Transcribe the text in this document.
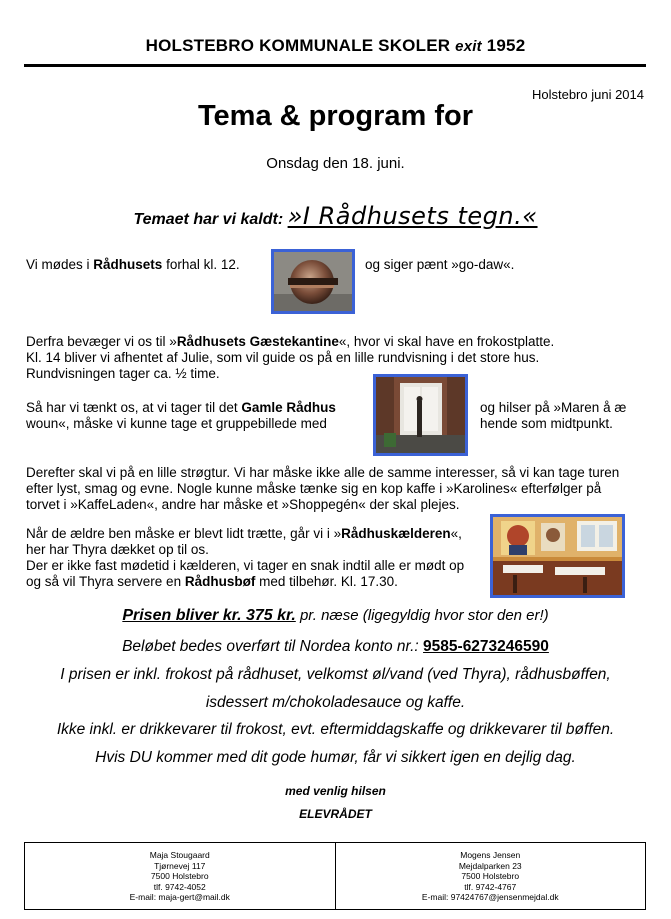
HOLSTEBRO KOMMUNALE SKOLER exit 1952
Holstebro juni 2014
Tema & program for
Onsdag den 18. juni.
Temaet har vi kaldt: »I Rådhusets tegn.«
Vi mødes i Rådhusets forhal kl. 12.	og siger pænt »go-daw«.
Derfra bevæger vi os til »Rådhusets Gæstekantine«, hvor vi skal have en frokostplatte.
Kl. 14 bliver vi afhentet af Julie, som vil guide os på en lille rundvisning i det store hus.
Rundvisningen tager ca. ½ time.
Så har vi tænkt os, at vi tager til det Gamle Rådhus
woun«, måske vi kunne tage et gruppebillede med
og hilser på »Maren å æ
hende som midtpunkt.
Derefter skal vi på en lille strøgtur. Vi har måske ikke alle de samme interesser, så vi kan tage turen
efter lyst, smag og evne. Nogle kunne måske tænke sig en kop kaffe i »Karolines« efterfølger på
torvet i »KaffeLaden«, andre har måske et »Shoppegén« der skal plejes.
Når de ældre ben måske er blevt lidt trætte, går vi i »Rådhuskælderen«,
her har Thyra dækket op til os.
Der er ikke fast mødetid i kælderen, vi tager en snak indtil alle er mødt op
og så vil Thyra servere en Rådhusbøf med tilbehør. Kl. 17.30.
Prisen bliver kr. 375 kr. pr. næse (ligegyldig hvor stor den er!)
Beløbet bedes overført til Nordea konto nr.: 9585-6273246590
I prisen er inkl. frokost på rådhuset, velkomst øl/vand (ved Thyra), rådhusbøffen,
isdessert m/chokoladesauce og kaffe.
Ikke inkl. er drikkevarer til frokost, evt. eftermiddagskaffe og drikkevarer til bøffen.
Hvis DU kommer med dit gode humør, får vi sikkert igen en dejlig dag.
med venlig hilsen
ELEVRÅDET
Maja Stougaard
Tjørnevej 117
7500 Holstebro
tlf. 9742-4052
E-mail: maja-gert@mail.dk
Mogens Jensen
Mejdalparken 23
7500 Holstebro
tlf. 9742-4767
E-mail: 97424767@jensenmejdal.dk
